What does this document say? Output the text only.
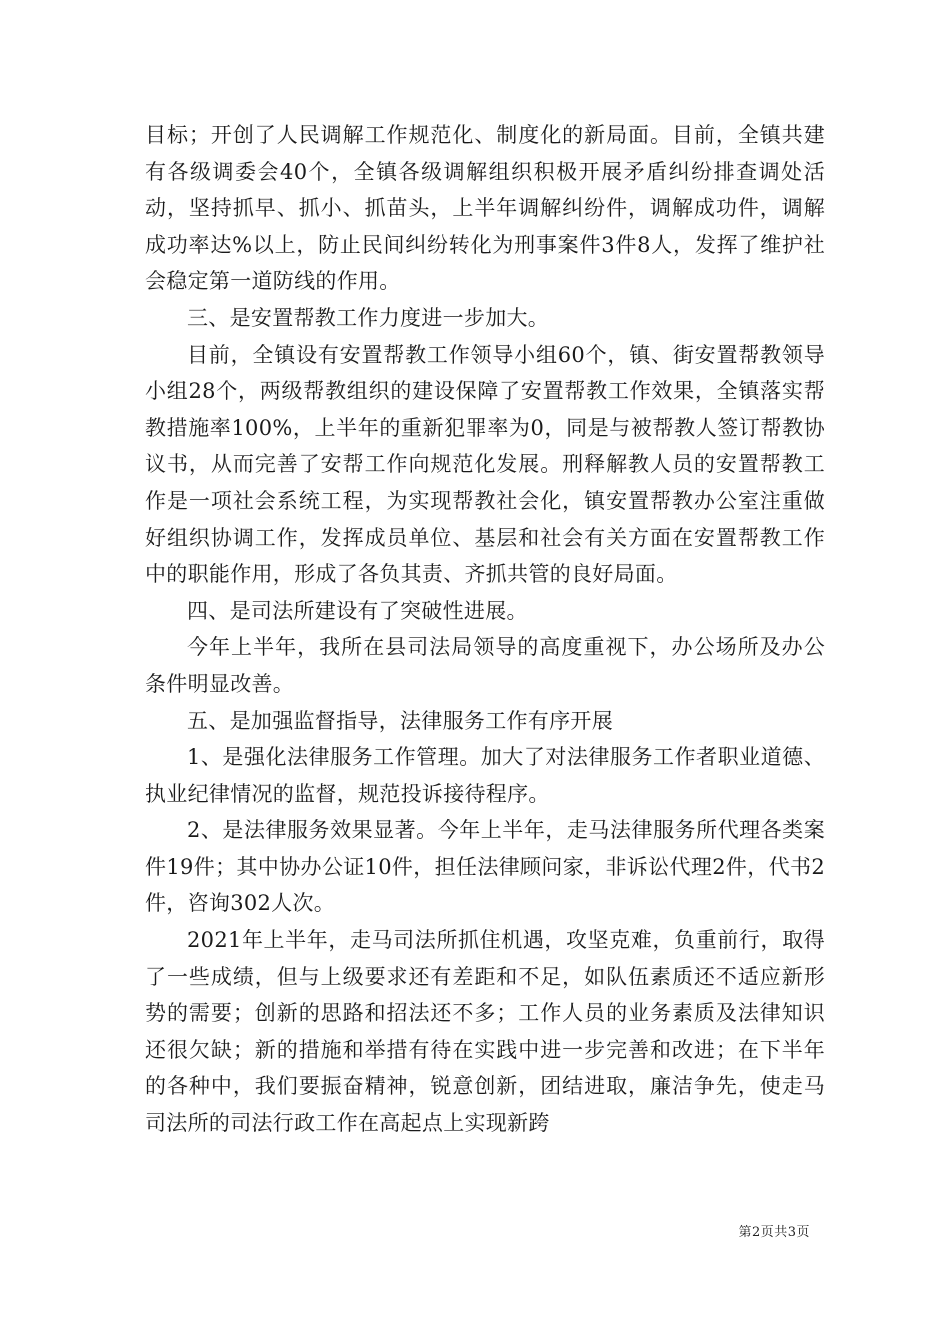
目标；开创了人民调解工作规范化、制度化的新局面。目前，全镇共建有各级调委会40个，全镇各级调解组织积极开展矛盾纠纷排查调处活动，坚持抓早、抓小、抓苗头，上半年调解纠纷件，调解成功件，调解成功率达%以上，防止民间纠纷转化为刑事案件3件8人，发挥了维护社会稳定第一道防线的作用。

三、是安置帮教工作力度进一步加大。

目前，全镇设有安置帮教工作领导小组60个，镇、街安置帮教领导小组28个，两级帮教组织的建设保障了安置帮教工作效果，全镇落实帮教措施率100%，上半年的重新犯罪率为0，同是与被帮教人签订帮教协议书，从而完善了安帮工作向规范化发展。刑释解教人员的安置帮教工作是一项社会系统工程，为实现帮教社会化，镇安置帮教办公室注重做好组织协调工作，发挥成员单位、基层和社会有关方面在安置帮教工作中的职能作用，形成了各负其责、齐抓共管的良好局面。

四、是司法所建设有了突破性进展。

今年上半年，我所在县司法局领导的高度重视下，办公场所及办公条件明显改善。

五、是加强监督指导，法律服务工作有序开展

1、是强化法律服务工作管理。加大了对法律服务工作者职业道德、执业纪律情况的监督，规范投诉接待程序。

2、是法律服务效果显著。今年上半年，走马法律服务所代理各类案件19件；其中协办公证10件，担任法律顾问家，非诉讼代理2件，代书2件，咨询302人次。

2021年上半年，走马司法所抓住机遇，攻坚克难，负重前行，取得了一些成绩，但与上级要求还有差距和不足，如队伍素质还不适应新形势的需要；创新的思路和招法还不多；工作人员的业务素质及法律知识还很欠缺；新的措施和举措有待在实践中进一步完善和改进；在下半年的各种中，我们要振奋精神，锐意创新，团结进取，廉洁争先，使走马司法所的司法行政工作在高起点上实现新跨

第2页共3页
